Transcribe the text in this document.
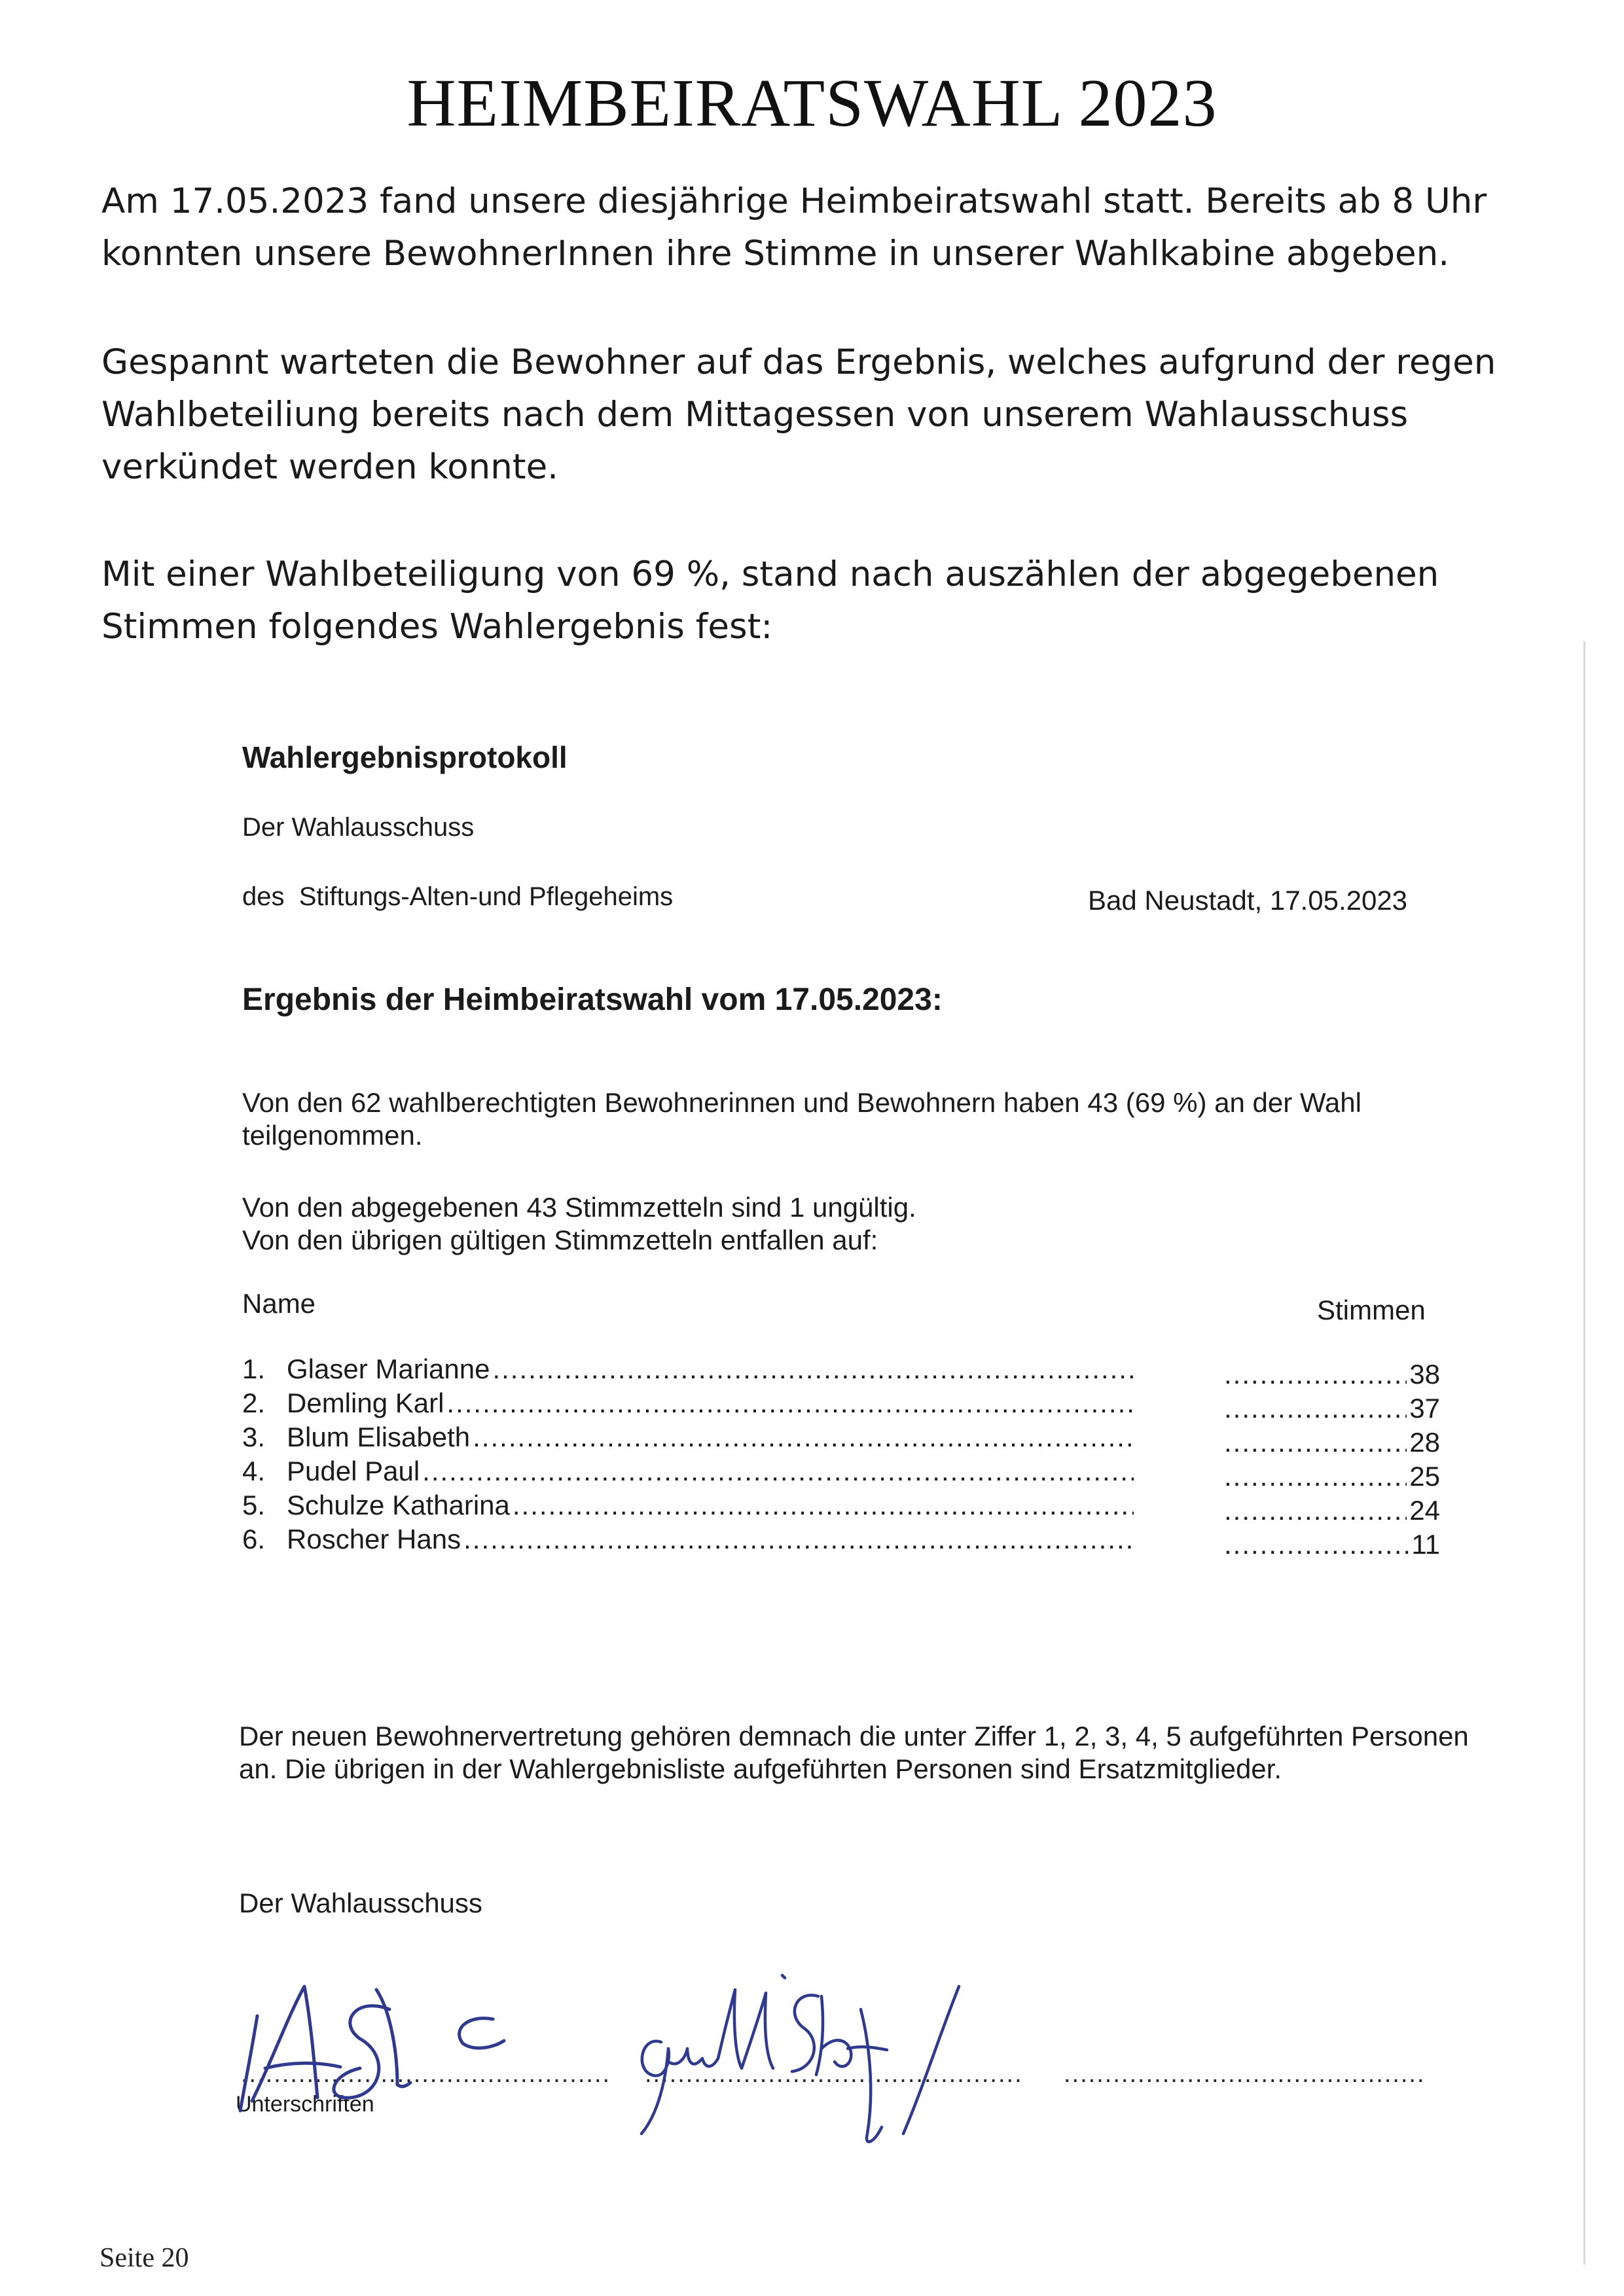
HEIMBEIRATSWAHL 2023

Am 17.05.2023 fand unsere diesjährige Heimbeiratswahl statt. Bereits ab 8 Uhr konnten unsere BewohnerInnen ihre Stimme in unserer Wahlkabine abgeben.

Gespannt warteten die Bewohner auf das Ergebnis, welches aufgrund der regen Wahlbeteiliung bereits nach dem Mittagessen von unserem Wahlausschuss verkündet werden konnte.

Mit einer Wahlbeteiligung von 69 %, stand nach auszählen der abgegebenen Stimmen folgendes Wahlergebnis fest:

Wahlergebnisprotokoll

Der Wahlausschuss

des  Stiftungs-Alten-und Pflegeheims	Bad Neustadt, 17.05.2023

Ergebnis der Heimbeiratswahl vom 17.05.2023:

Von den 62 wahlberechtigten Bewohnerinnen und Bewohnern haben 43 (69 %) an der Wahl teilgenommen.

Von den abgegebenen 43 Stimmzetteln sind 1 ungültig.
Von den übrigen gültigen Stimmzetteln entfallen auf:

Name	Stimmen

1. Glaser Marianne ..... .....	38
2. Demling Karl ..... .....	37
3. Blum Elisabeth ..... .....	28
4. Pudel Paul ..... .....	25
5. Schulze Katharina ..... .....	24
6. Roscher Hans ..... .....	11

Der neuen Bewohnervertretung gehören demnach die unter Ziffer 1, 2, 3, 4, 5 aufgeführten Personen an. Die übrigen in der Wahlergebnisliste aufgeführten Personen sind Ersatzmitglieder.

Der Wahlausschuss

.....
.....
.....

Unterschriften

Seite 20
